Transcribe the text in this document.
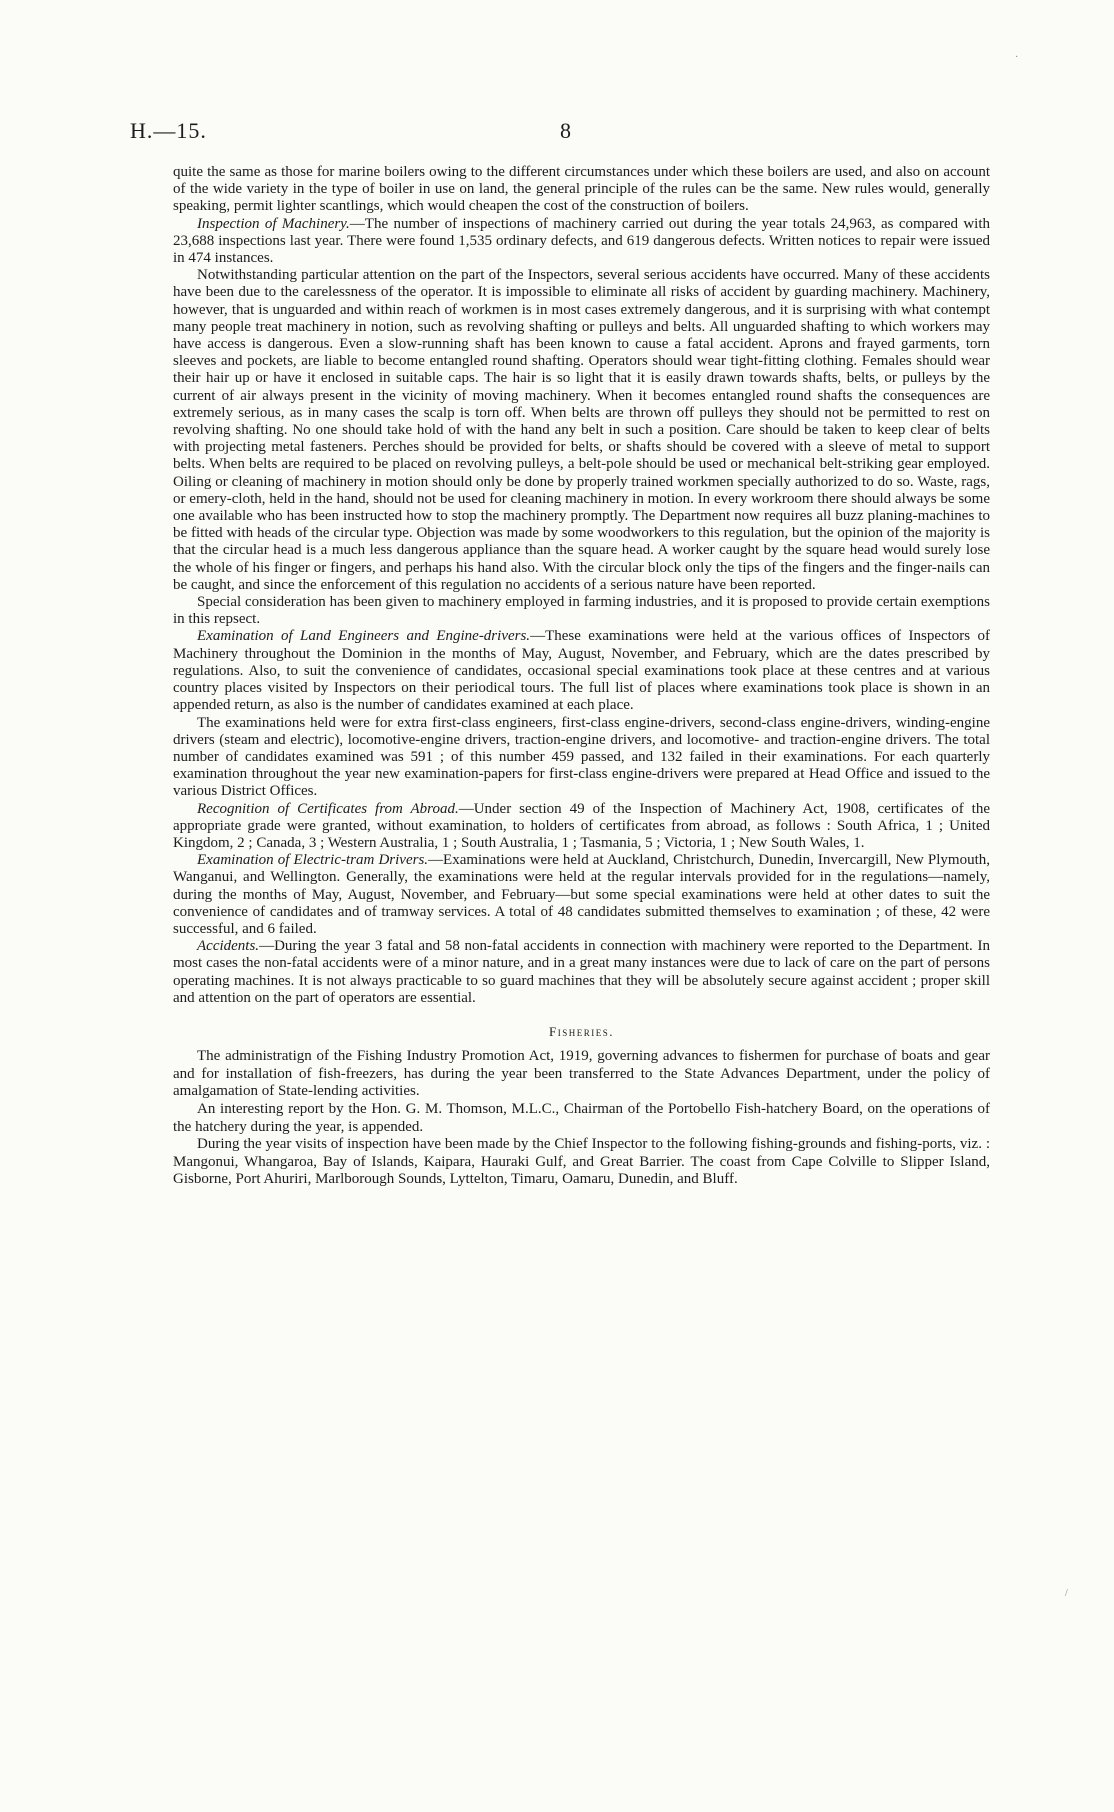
H.—15.	8

quite the same as those for marine boilers owing to the different circumstances under which these boilers are used, and also on account of the wide variety in the type of boiler in use on land, the general principle of the rules can be the same. New rules would, generally speaking, permit lighter scantlings, which would cheapen the cost of the construction of boilers.

Inspection of Machinery.—The number of inspections of machinery carried out during the year totals 24,963, as compared with 23,688 inspections last year. There were found 1,535 ordinary defects, and 619 dangerous defects. Written notices to repair were issued in 474 instances.

Notwithstanding particular attention on the part of the Inspectors, several serious accidents have occurred. Many of these accidents have been due to the carelessness of the operator. It is impossible to eliminate all risks of accident by guarding machinery. Machinery, however, that is unguarded and within reach of workmen is in most cases extremely dangerous, and it is surprising with what contempt many people treat machinery in notion, such as revolving shafting or pulleys and belts. All unguarded shafting to which workers may have access is dangerous. Even a slow-running shaft has been known to cause a fatal accident. Aprons and frayed garments, torn sleeves and pockets, are liable to become entangled round shafting. Operators should wear tight-fitting clothing. Females should wear their hair up or have it enclosed in suitable caps. The hair is so light that it is easily drawn towards shafts, belts, or pulleys by the current of air always present in the vicinity of moving machinery. When it becomes entangled round shafts the consequences are extremely serious, as in many cases the scalp is torn off. When belts are thrown off pulleys they should not be permitted to rest on revolving shafting. No one should take hold of with the hand any belt in such a position. Care should be taken to keep clear of belts with projecting metal fasteners. Perches should be provided for belts, or shafts should be covered with a sleeve of metal to support belts. When belts are required to be placed on revolving pulleys, a belt-pole should be used or mechanical belt-striking gear employed. Oiling or cleaning of machinery in motion should only be done by properly trained workmen specially authorized to do so. Waste, rags, or emery-cloth, held in the hand, should not be used for cleaning machinery in motion. In every workroom there should always be some one available who has been instructed how to stop the machinery promptly. The Department now requires all buzz planing-machines to be fitted with heads of the circular type. Objection was made by some woodworkers to this regulation, but the opinion of the majority is that the circular head is a much less dangerous appliance than the square head. A worker caught by the square head would surely lose the whole of his finger or fingers, and perhaps his hand also. With the circular block only the tips of the fingers and the finger-nails can be caught, and since the enforcement of this regulation no accidents of a serious nature have been reported.

Special consideration has been given to machinery employed in farming industries, and it is proposed to provide certain exemptions in this repsect.

Examination of Land Engineers and Engine-drivers.—These examinations were held at the various offices of Inspectors of Machinery throughout the Dominion in the months of May, August, November, and February, which are the dates prescribed by regulations. Also, to suit the convenience of candidates, occasional special examinations took place at these centres and at various country places visited by Inspectors on their periodical tours. The full list of places where examinations took place is shown in an appended return, as also is the number of candidates examined at each place.

The examinations held were for extra first-class engineers, first-class engine-drivers, second-class engine-drivers, winding-engine drivers (steam and electric), locomotive-engine drivers, traction-engine drivers, and locomotive- and traction-engine drivers. The total number of candidates examined was 591 ; of this number 459 passed, and 132 failed in their examinations. For each quarterly examination throughout the year new examination-papers for first-class engine-drivers were prepared at Head Office and issued to the various District Offices.

Recognition of Certificates from Abroad.—Under section 49 of the Inspection of Machinery Act, 1908, certificates of the appropriate grade were granted, without examination, to holders of certificates from abroad, as follows : South Africa, 1 ; United Kingdom, 2 ; Canada, 3 ; Western Australia, 1 ; South Australia, 1 ; Tasmania, 5 ; Victoria, 1 ; New South Wales, 1.

Examination of Electric-tram Drivers.—Examinations were held at Auckland, Christchurch, Dunedin, Invercargill, New Plymouth, Wanganui, and Wellington. Generally, the examinations were held at the regular intervals provided for in the regulations—namely, during the months of May, August, November, and February—but some special examinations were held at other dates to suit the convenience of candidates and of tramway services. A total of 48 candidates submitted themselves to examination ; of these, 42 were successful, and 6 failed.

Accidents.—During the year 3 fatal and 58 non-fatal accidents in connection with machinery were reported to the Department. In most cases the non-fatal accidents were of a minor nature, and in a great many instances were due to lack of care on the part of persons operating machines. It is not always practicable to so guard machines that they will be absolutely secure against accident ; proper skill and attention on the part of operators are essential.

Fisheries.

The administratign of the Fishing Industry Promotion Act, 1919, governing advances to fishermen for purchase of boats and gear and for installation of fish-freezers, has during the year been transferred to the State Advances Department, under the policy of amalgamation of State-lending activities.

An interesting report by the Hon. G. M. Thomson, M.L.C., Chairman of the Portobello Fish-hatchery Board, on the operations of the hatchery during the year, is appended.

During the year visits of inspection have been made by the Chief Inspector to the following fishing-grounds and fishing-ports, viz. : Mangonui, Whangaroa, Bay of Islands, Kaipara, Hauraki Gulf, and Great Barrier. The coast from Cape Colville to Slipper Island, Gisborne, Port Ahuriri, Marlborough Sounds, Lyttelton, Timaru, Oamaru, Dunedin, and Bluff.

·
/
